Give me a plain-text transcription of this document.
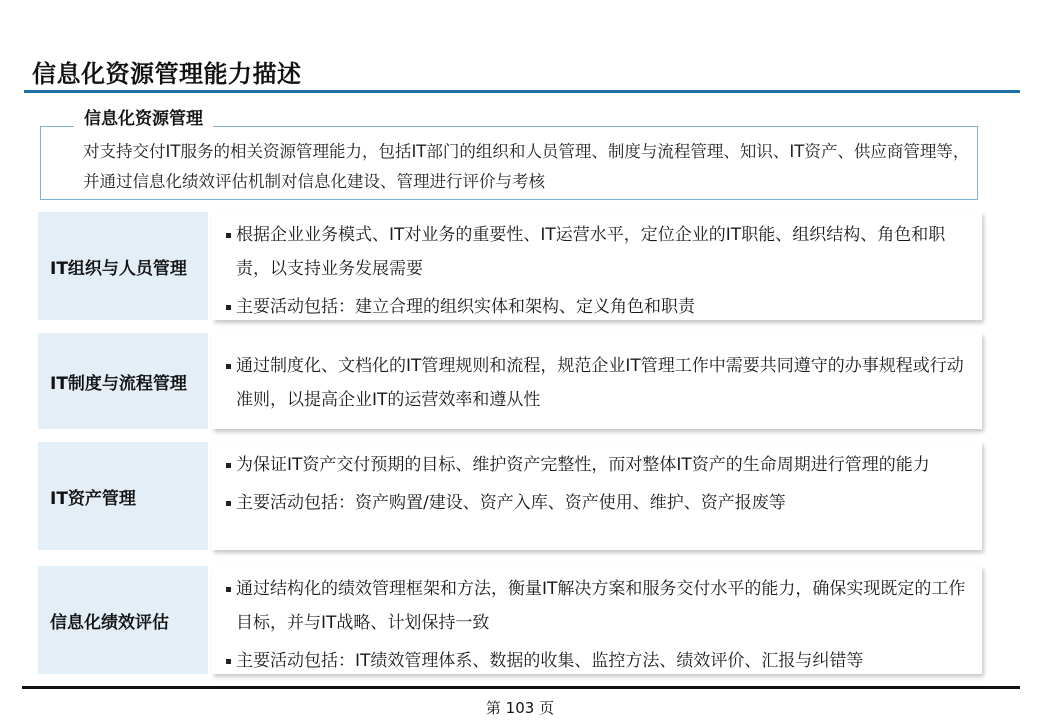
信息化资源管理能力描述
信息化资源管理
对支持交付IT服务的相关资源管理能力，包括IT部门的组织和人员管理、制度与流程管理、知识、IT资产、供应商管理等，并通过信息化绩效评估机制对信息化建设、管理进行评价与考核
IT组织与人员管理
根据企业业务模式、IT对业务的重要性、IT运营水平，定位企业的IT职能、组织结构、角色和职责，以支持业务发展需要
主要活动包括：建立合理的组织实体和架构、定义角色和职责
IT制度与流程管理
通过制度化、文档化的IT管理规则和流程，规范企业IT管理工作中需要共同遵守的办事规程或行动准则，以提高企业IT的运营效率和遵从性
IT资产管理
为保证IT资产交付预期的目标、维护资产完整性，而对整体IT资产的生命周期进行管理的能力
主要活动包括：资产购置/建设、资产入库、资产使用、维护、资产报废等
信息化绩效评估
通过结构化的绩效管理框架和方法，衡量IT解决方案和服务交付水平的能力，确保实现既定的工作目标，并与IT战略、计划保持一致
主要活动包括：IT绩效管理体系、数据的收集、监控方法、绩效评价、汇报与纠错等
第 103 页
